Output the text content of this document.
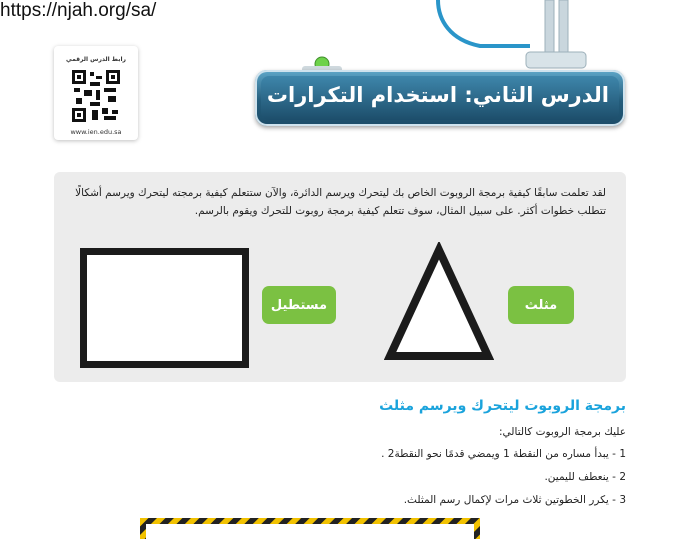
https://njah.org/sa/
رابط الدرس الرقمي
www.ien.edu.sa
الدرس الثاني: استخدام التكرارات
لقد تعلمت سابقًا كيفية برمجة الروبوت الخاص بك ليتحرك ويرسم الدائرة، والآن ستتعلم كيفية برمجته ليتحرك ويرسم أشكالًا تتطلب خطوات أكثر. على سبيل المثال، سوف تتعلم كيفية برمجة روبوت للتحرك ويقوم بالرسم.
مثلث
مستطيل
برمجة الروبوت ليتحرك ويرسم مثلث
عليك برمجة الروبوت كالتالي:
1 - يبدأ مساره من النقطة 1 ويمضي قدمًا نحو النقطة2 .
2 - ينعطف لليمين.
3 - يكرر الخطوتين ثلاث مرات لإكمال رسم المثلث.
